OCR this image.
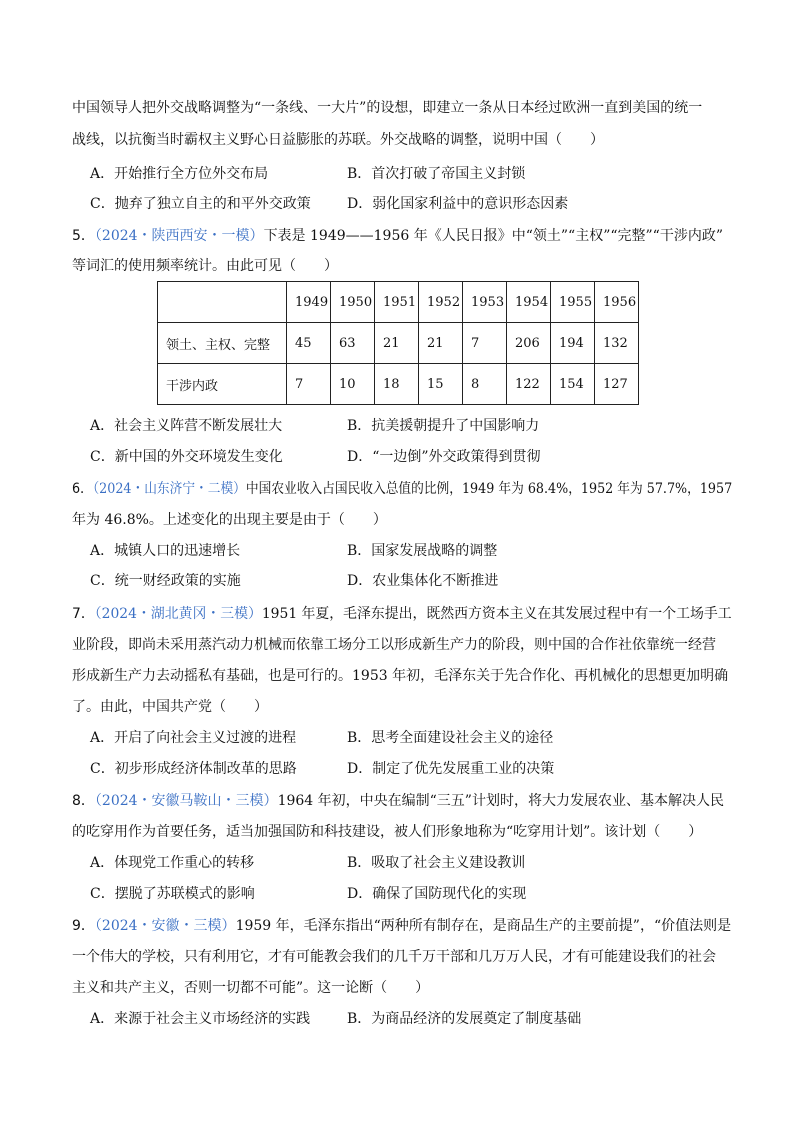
中国领导人把外交战略调整为“一条线、一大片”的设想，即建立一条从日本经过欧洲一直到美国的统一
战线，以抗衡当时霸权主义野心日益膨胀的苏联。外交战略的调整，说明中国（　　）
A．开始推行全方位外交布局	B．首次打破了帝国主义封锁
C．抛弃了独立自主的和平外交政策	D．弱化国家利益中的意识形态因素
5．（2024・陕西西安・一模）下表是 1949——1956 年《人民日报》中“领土”“主权”“完整”“干涉内政”
等词汇的使用频率统计。由此可见（　　）
	1949	1950	1951	1952	1953	1954	1955	1956
领土、主权、完整	45	63	21	21	7	206	194	132
干涉内政	7	10	18	15	8	122	154	127
A．社会主义阵营不断发展壮大	B．抗美援朝提升了中国影响力
C．新中国的外交环境发生变化	D．“一边倒”外交政策得到贯彻
6．（2024・山东济宁・二模）中国农业收入占国民收入总值的比例，1949 年为 68.4%，1952 年为 57.7%，1957
年为 46.8%。上述变化的出现主要是由于（　　）
A．城镇人口的迅速增长	B．国家发展战略的调整
C．统一财经政策的实施	D．农业集体化不断推进
7．（2024・湖北黄冈・三模）1951 年夏，毛泽东提出，既然西方资本主义在其发展过程中有一个工场手工
业阶段，即尚未采用蒸汽动力机械而依靠工场分工以形成新生产力的阶段，则中国的合作社依靠统一经营
形成新生产力去动摇私有基础，也是可行的。1953 年初，毛泽东关于先合作化、再机械化的思想更加明确
了。由此，中国共产党（　　）
A．开启了向社会主义过渡的进程	B．思考全面建设社会主义的途径
C．初步形成经济体制改革的思路	D．制定了优先发展重工业的决策
8．（2024・安徽马鞍山・三模）1964 年初，中央在编制“三五”计划时，将大力发展农业、基本解决人民
的吃穿用作为首要任务，适当加强国防和科技建设，被人们形象地称为“吃穿用计划”。该计划（　　）
A．体现党工作重心的转移	B．吸取了社会主义建设教训
C．摆脱了苏联模式的影响	D．确保了国防现代化的实现
9．（2024・安徽・三模）1959 年，毛泽东指出“两种所有制存在，是商品生产的主要前提”，“价值法则是
一个伟大的学校，只有利用它，才有可能教会我们的几千万干部和几万万人民，才有可能建设我们的社会
主义和共产主义，否则一切都不可能”。这一论断（　　）
A．来源于社会主义市场经济的实践	B．为商品经济的发展奠定了制度基础
